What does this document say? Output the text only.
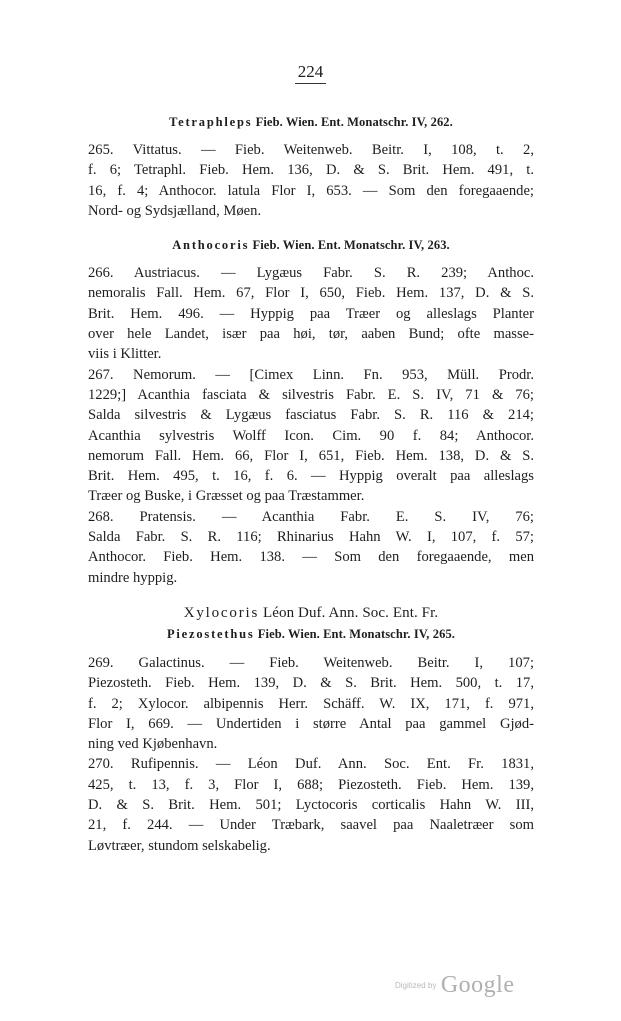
224
Tetraphleps Fieb. Wien. Ent. Monatschr. IV, 262.
265. Vittatus. — Fieb. Weitenweb. Beitr. I, 108, t. 2,
f. 6; Tetraphl. Fieb. Hem. 136, D. & S. Brit. Hem. 491, t.
16, f. 4; Anthocor. latula Flor I, 653. — Som den foregaaende;
Nord- og Sydsjælland, Møen.
Anthocoris Fieb. Wien. Ent. Monatschr. IV, 263.
266. Austriacus. — Lygæus Fabr. S. R. 239; Anthoc.
nemoralis Fall. Hem. 67, Flor I, 650, Fieb. Hem. 137, D. & S.
Brit. Hem. 496. — Hyppig paa Træer og alleslags Planter
over hele Landet, især paa høi, tør, aaben Bund; ofte masse-
viis i Klitter.
267. Nemorum. — [Cimex Linn. Fn. 953, Müll. Prodr.
1229;] Acanthia fasciata & silvestris Fabr. E. S. IV, 71 & 76;
Salda silvestris & Lygæus fasciatus Fabr. S. R. 116 & 214;
Acanthia sylvestris Wolff Icon. Cim. 90 f. 84; Anthocor.
nemorum Fall. Hem. 66, Flor I, 651, Fieb. Hem. 138, D. & S.
Brit. Hem. 495, t. 16, f. 6. — Hyppig overalt paa alleslags
Træer og Buske, i Græsset og paa Træstammer.
268. Pratensis. — Acanthia Fabr. E. S. IV, 76;
Salda Fabr. S. R. 116; Rhinarius Hahn W. I, 107, f. 57;
Anthocor. Fieb. Hem. 138. — Som den foregaaende, men
mindre hyppig.
Xylocoris Léon Duf. Ann. Soc. Ent. Fr.
Piezostethus Fieb. Wien. Ent. Monatschr. IV, 265.
269. Galactinus. — Fieb. Weitenweb. Beitr. I, 107;
Piezosteth. Fieb. Hem. 139, D. & S. Brit. Hem. 500, t. 17,
f. 2; Xylocor. albipennis Herr. Schäff. W. IX, 171, f. 971,
Flor I, 669. — Undertiden i større Antal paa gammel Gjød-
ning ved Kjøbenhavn.
270. Rufipennis. — Léon Duf. Ann. Soc. Ent. Fr. 1831,
425, t. 13, f. 3, Flor I, 688; Piezosteth. Fieb. Hem. 139,
D. & S. Brit. Hem. 501; Lyctocoris corticalis Hahn W. III,
21, f. 244. — Under Træbark, saavel paa Naaletræer som
Løvtræer, stundom selskabelig.
Digitized by Google
